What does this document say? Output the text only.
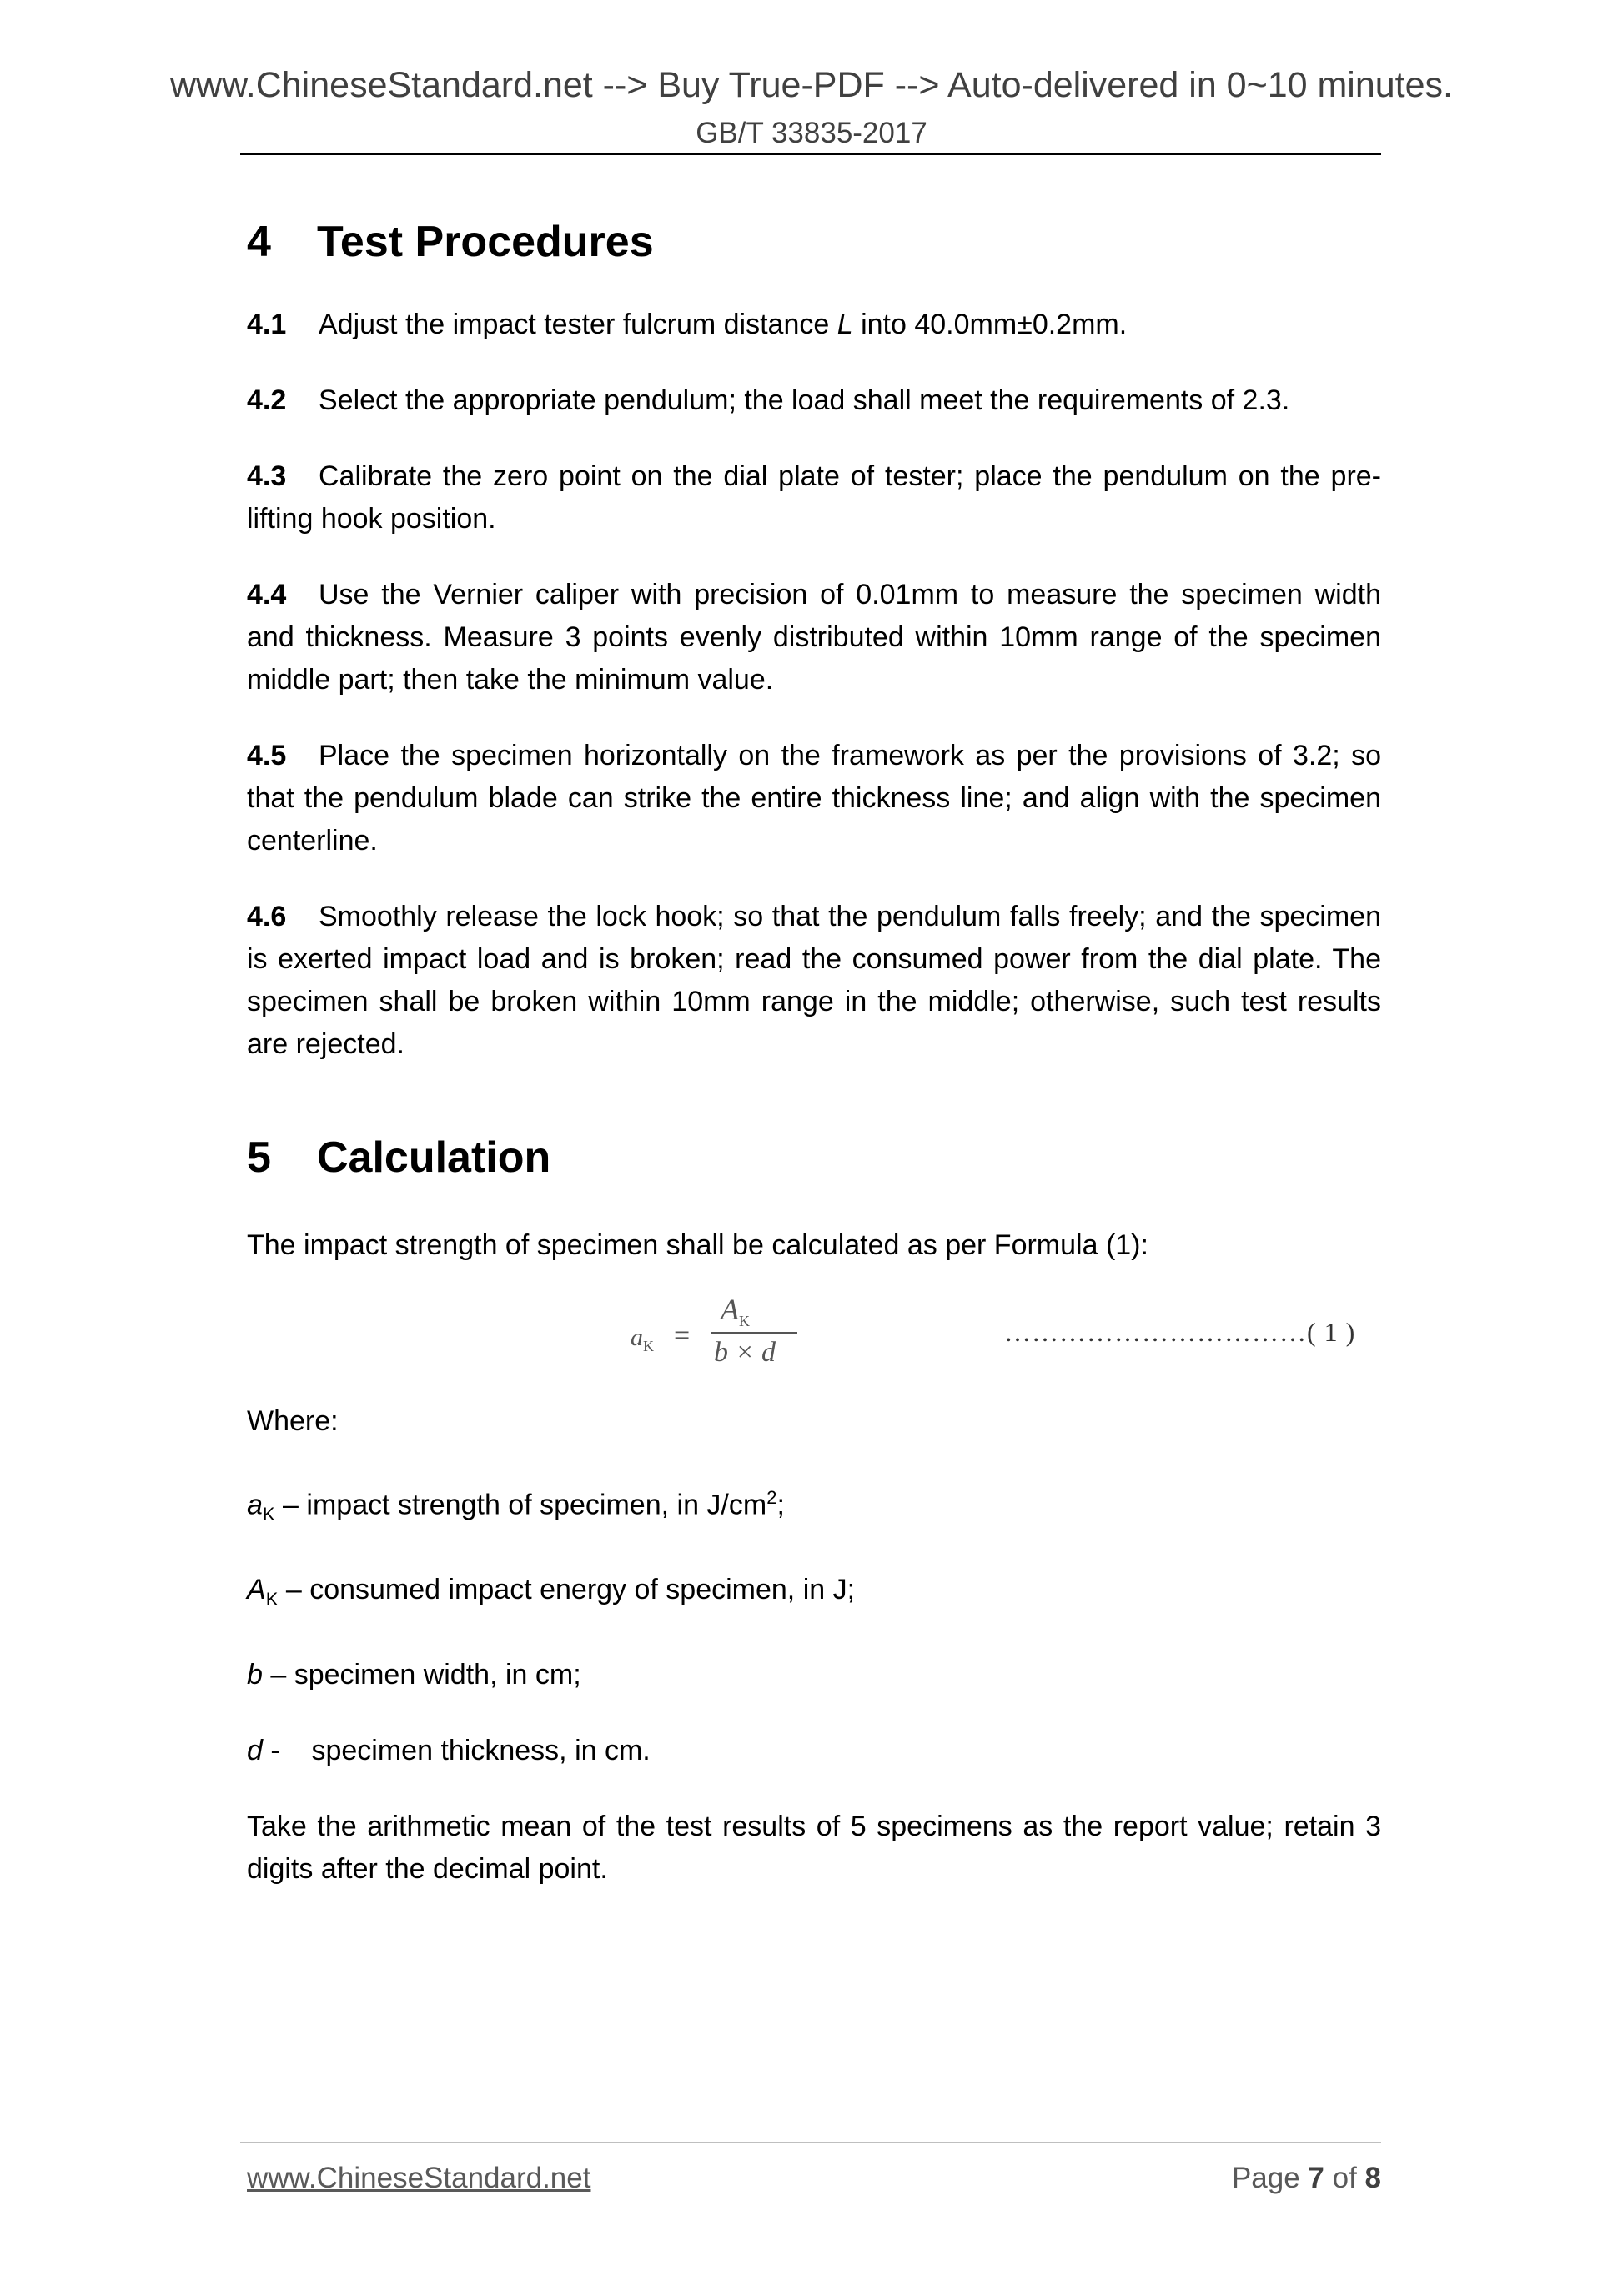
www.ChineseStandard.net --> Buy True-PDF --> Auto-delivered in 0~10 minutes.
GB/T 33835-2017
4 Test Procedures

4.1 Adjust the impact tester fulcrum distance L into 40.0mm±0.2mm.

4.2 Select the appropriate pendulum; the load shall meet the requirements of 2.3.

4.3 Calibrate the zero point on the dial plate of tester; place the pendulum on the pre-lifting hook position.

4.4 Use the Vernier caliper with precision of 0.01mm to measure the specimen width and thickness. Measure 3 points evenly distributed within 10mm range of the specimen middle part; then take the minimum value.

4.5 Place the specimen horizontally on the framework as per the provisions of 3.2; so that the pendulum blade can strike the entire thickness line; and align with the specimen centerline.

4.6 Smoothly release the lock hook; so that the pendulum falls freely; and the specimen is exerted impact load and is broken; read the consumed power from the dial plate. The specimen shall be broken within 10mm range in the middle; otherwise, such test results are rejected.

5 Calculation

The impact strength of specimen shall be calculated as per Formula (1):

$a_K$ =
$A_K$
b × d
……………………………( 1 )

Where:

$a_K$ – impact strength of specimen, in $J/cm^2$;

$A_K$ – consumed impact energy of specimen, in J;

b – specimen width, in cm;

d -    specimen thickness, in cm.

Take the arithmetic mean of the test results of 5 specimens as the report value; retain 3 digits after the decimal point.

www.ChineseStandard.net	Page 7 of 8
